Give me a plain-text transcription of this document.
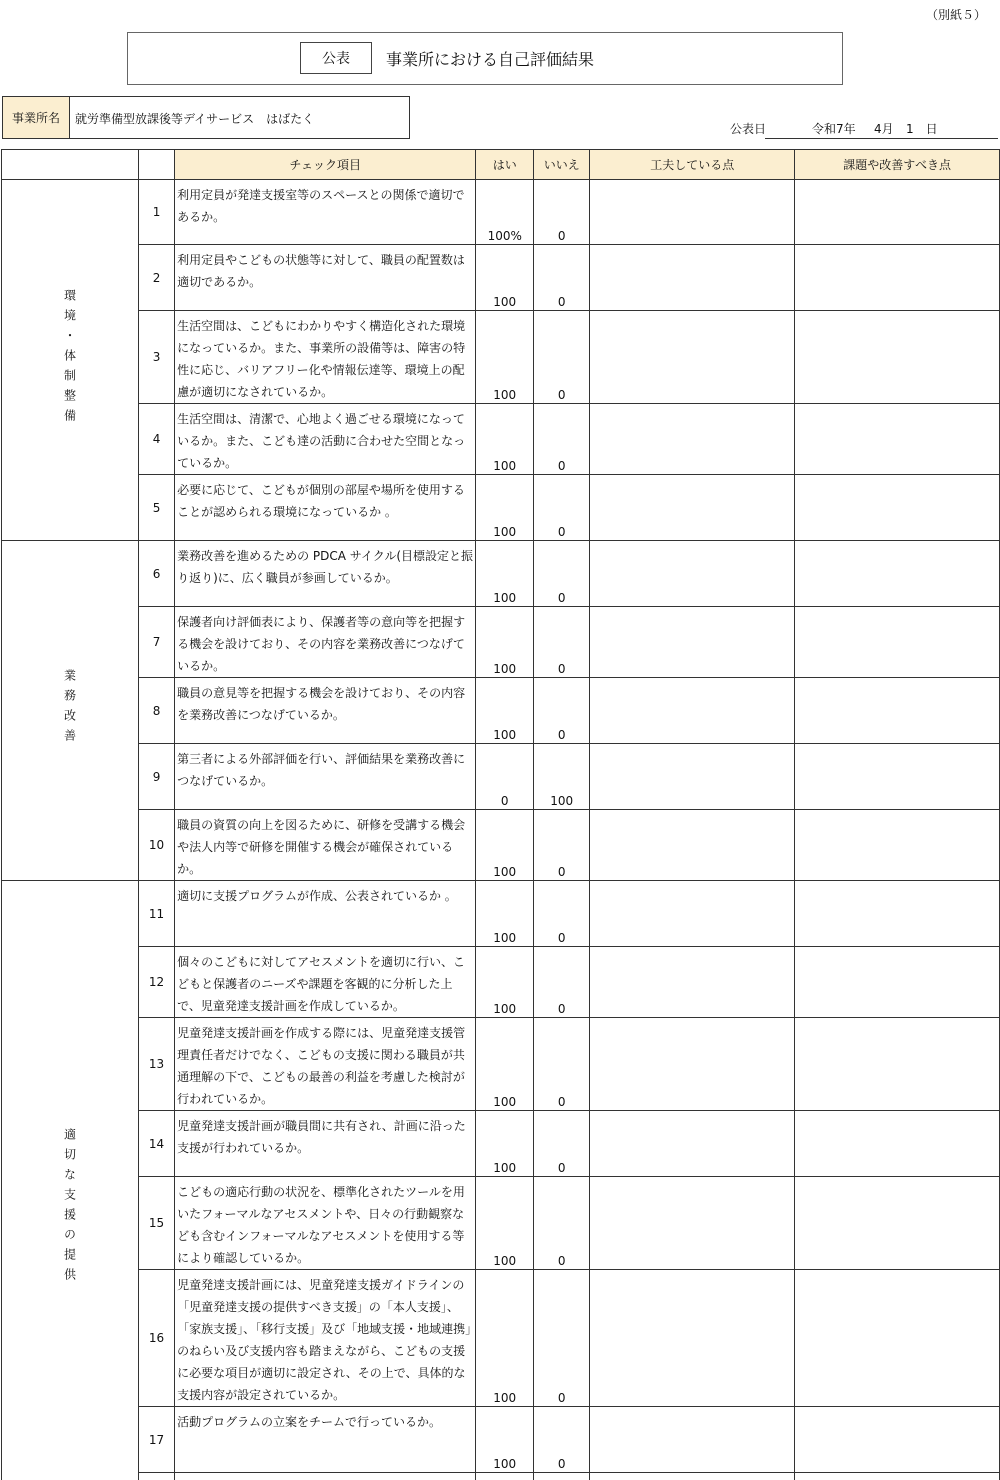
（別紙５）
公表	事業所における自己評価結果
事業所名	就労準備型放課後等デイサービス　はばたく
公表日	令和7年 4月 1　日
		チェック項目	はい	いいえ	工夫している点	課題や改善すべき点
環境・体制整備	1	利用定員が発達支援室等のスペースとの関係で適切であるか。	100%	0		
	2	利用定員やこどもの状態等に対して、職員の配置数は適切であるか。	100	0		
	3	生活空間は、こどもにわかりやすく構造化された環境になっているか。また、事業所の設備等は、障害の特性に応じ、バリアフリー化や情報伝達等、環境上の配慮が適切になされているか。	100	0		
	4	生活空間は、清潔で、心地よく過ごせる環境になっているか。また、こども達の活動に合わせた空間となっているか。	100	0		
	5	必要に応じて、こどもが個別の部屋や場所を使用することが認められる環境になっているか 。	100	0		
業務改善	6	業務改善を進めるための PDCA サイクル(目標設定と振り返り)に、広く職員が参画しているか。	100	0		
	7	保護者向け評価表により、保護者等の意向等を把握する機会を設けており、その内容を業務改善につなげているか。	100	0		
	8	職員の意見等を把握する機会を設けており、その内容を業務改善につなげているか。	100	0		
	9	第三者による外部評価を行い、評価結果を業務改善につなげているか。	0	100		
	10	職員の資質の向上を図るために、研修を受講する機会や法人内等で研修を開催する機会が確保されているか。	100	0		
適切な支援の提供	11	適切に支援プログラムが作成、公表されているか 。	100	0		
	12	個々のこどもに対してアセスメントを適切に行い、こどもと保護者のニーズや課題を客観的に分析した上で、児童発達支援計画を作成しているか。	100	0		
	13	児童発達支援計画を作成する際には、児童発達支援管理責任者だけでなく、こどもの支援に関わる職員が共通理解の下で、こどもの最善の利益を考慮した検討が行われているか。	100	0		
	14	児童発達支援計画が職員間に共有され、計画に沿った支援が行われているか。	100	0		
	15	こどもの適応行動の状況を、標準化されたツールを用いたフォーマルなアセスメントや、日々の行動観察なども含むインフォーマルなアセスメントを使用する等により確認しているか。	100	0		
	16	児童発達支援計画には、児童発達支援ガイドラインの「児童発達支援の提供すべき支援」の「本人支援」、「家族支援」、「移行支援」及び「地域支援・地域連携」のねらい及び支援内容も踏まえながら、こどもの支援に必要な項目が適切に設定され、その上で、具体的な支援内容が設定されているか。	100	0		
	17	活動プログラムの立案をチームで行っているか。	100	0		
